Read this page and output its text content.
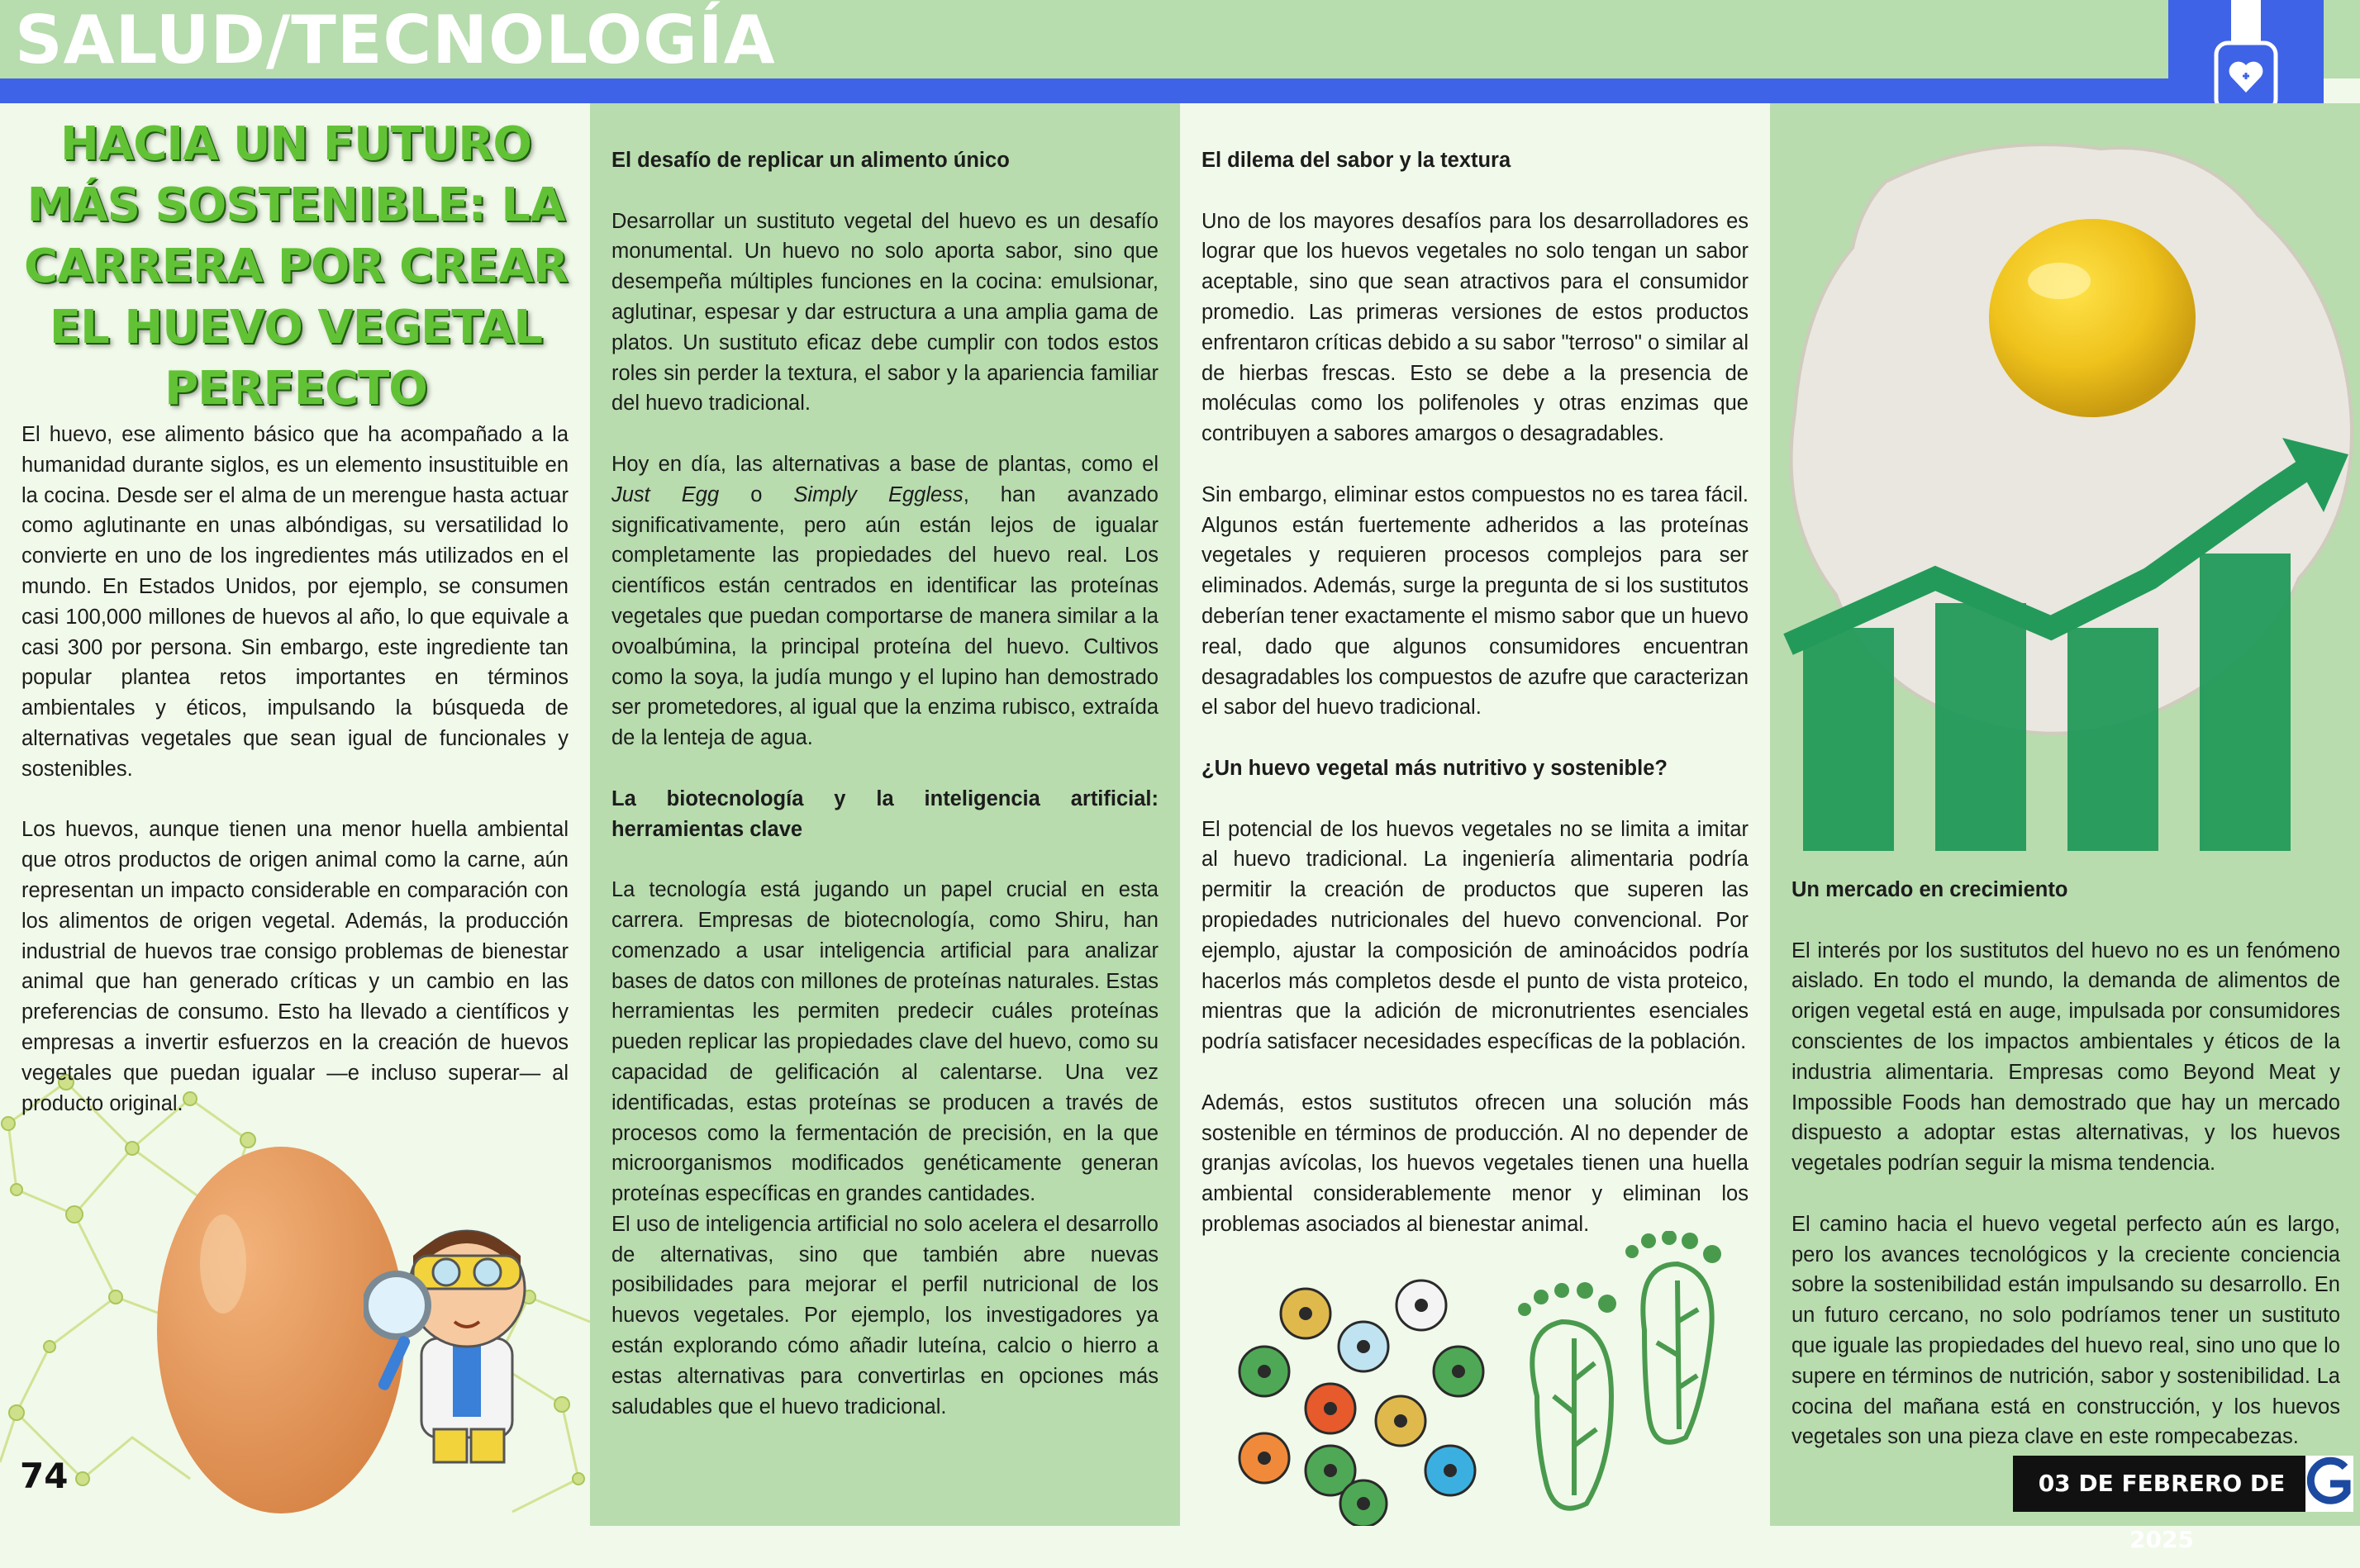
SALUD/TECNOLOGÍA
HACIA UN FUTURO MÁS SOSTENIBLE: LA CARRERA POR CREAR EL HUEVO VEGETAL PERFECTO

El huevo, ese alimento básico que ha acompañado a la humanidad durante siglos, es un elemento insustituible en la cocina. Desde ser el alma de un merengue hasta actuar como aglutinante en unas albóndigas, su versatilidad lo convierte en uno de los ingredientes más utilizados en el mundo. En Estados Unidos, por ejemplo, se consumen casi 100,000 millones de huevos al año, lo que equivale a casi 300 por persona. Sin embargo, este ingrediente tan popular plantea retos importantes en términos ambientales y éticos, impulsando la búsqueda de alternativas vegetales que sean igual de funcionales y sostenibles.

Los huevos, aunque tienen una menor huella ambiental que otros productos de origen animal como la carne, aún representan un impacto considerable en comparación con los alimentos de origen vegetal. Además, la producción industrial de huevos trae consigo problemas de bienestar animal que han generado críticas y un cambio en las preferencias de consumo. Esto ha llevado a científicos y empresas a invertir esfuerzos en la creación de huevos vegetales que puedan igualar —e incluso superar— al producto original.

El desafío de replicar un alimento único

Desarrollar un sustituto vegetal del huevo es un desafío monumental. Un huevo no solo aporta sabor, sino que desempeña múltiples funciones en la cocina: emulsionar, aglutinar, espesar y dar estructura a una amplia gama de platos. Un sustituto eficaz debe cumplir con todos estos roles sin perder la textura, el sabor y la apariencia familiar del huevo tradicional.

Hoy en día, las alternativas a base de plantas, como el Just Egg o Simply Eggless, han avanzado significativamente, pero aún están lejos de igualar completamente las propiedades del huevo real. Los científicos están centrados en identificar las proteínas vegetales que puedan comportarse de manera similar a la ovoalbúmina, la principal proteína del huevo. Cultivos como la soya, la judía mungo y el lupino han demostrado ser prometedores, al igual que la enzima rubisco, extraída de la lenteja de agua.

La biotecnología y la inteligencia artificial: herramientas clave

La tecnología está jugando un papel crucial en esta carrera. Empresas de biotecnología, como Shiru, han comenzado a usar inteligencia artificial para analizar bases de datos con millones de proteínas naturales. Estas herramientas les permiten predecir cuáles proteínas pueden replicar las propiedades clave del huevo, como su capacidad de gelificación al calentarse. Una vez identificadas, estas proteínas se producen a través de procesos como la fermentación de precisión, en la que microorganismos modificados genéticamente generan proteínas específicas en grandes cantidades.

El uso de inteligencia artificial no solo acelera el desarrollo de alternativas, sino que también abre nuevas posibilidades para mejorar el perfil nutricional de los huevos vegetales. Por ejemplo, los investigadores ya están explorando cómo añadir luteína, calcio o hierro a estas alternativas para convertirlas en opciones más saludables que el huevo tradicional.

El dilema del sabor y la textura

Uno de los mayores desafíos para los desarrolladores es lograr que los huevos vegetales no solo tengan un sabor aceptable, sino que sean atractivos para el consumidor promedio. Las primeras versiones de estos productos enfrentaron críticas debido a su sabor "terroso" o similar al de hierbas frescas. Esto se debe a la presencia de moléculas como los polifenoles y otras enzimas que contribuyen a sabores amargos o desagradables.

Sin embargo, eliminar estos compuestos no es tarea fácil. Algunos están fuertemente adheridos a las proteínas vegetales y requieren procesos complejos para ser eliminados. Además, surge la pregunta de si los sustitutos deberían tener exactamente el mismo sabor que un huevo real, dado que algunos consumidores encuentran desagradables los compuestos de azufre que caracterizan el sabor del huevo tradicional.

¿Un huevo vegetal más nutritivo y sostenible?

El potencial de los huevos vegetales no se limita a imitar al huevo tradicional. La ingeniería alimentaria podría permitir la creación de productos que superen las propiedades nutricionales del huevo convencional. Por ejemplo, ajustar la composición de aminoácidos podría hacerlos más completos desde el punto de vista proteico, mientras que la adición de micronutrientes esenciales podría satisfacer necesidades específicas de la población.

Además, estos sustitutos ofrecen una solución más sostenible en términos de producción. Al no depender de granjas avícolas, los huevos vegetales tienen una huella ambiental considerablemente menor y eliminan los problemas asociados al bienestar animal.

Un mercado en crecimiento

El interés por los sustitutos del huevo no es un fenómeno aislado. En todo el mundo, la demanda de alimentos de origen vegetal está en auge, impulsada por consumidores conscientes de los impactos ambientales y éticos de la industria alimentaria. Empresas como Beyond Meat y Impossible Foods han demostrado que hay un mercado dispuesto a adoptar estas alternativas, y los huevos vegetales podrían seguir la misma tendencia.

El camino hacia el huevo vegetal perfecto aún es largo, pero los avances tecnológicos y la creciente conciencia sobre la sostenibilidad están impulsando su desarrollo. En un futuro cercano, no solo podríamos tener un sustituto que iguale las propiedades del huevo real, sino uno que lo supere en términos de nutrición, sabor y sostenibilidad. La cocina del mañana está en construcción, y los huevos vegetales son una pieza clave en este rompecabezas.

74	03 DE FEBRERO DE 2025
